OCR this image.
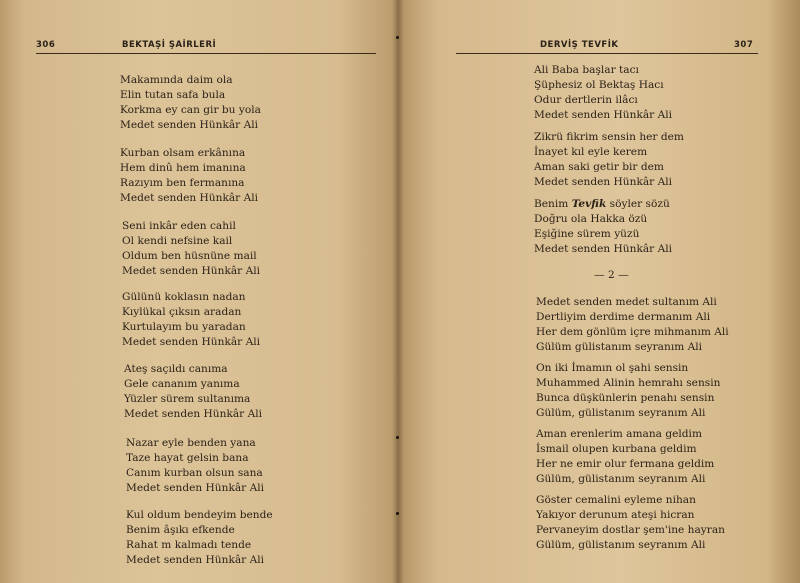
306	BEKTAŞİ ŞAİRLERİ
Makamında daim ola
Elin tutan safa bula
Korkma ey can gir bu yola
Medet senden Hünkâr Ali
Kurban olsam erkânına
Hem dinû hem imanına
Razıyım ben fermanına
Medet senden Hünkâr Ali
Seni inkâr eden cahil
Ol kendi nefsine kail
Oldum ben hüsnüne mail
Medet senden Hünkâr Ali
Gülünü koklasın nadan
Kıylükal çıksın aradan
Kurtulayım bu yaradan
Medet senden Hünkâr Ali
Ateş saçıldı canıma
Gele cananım yanıma
Yüzler sürem sultanıma
Medet senden Hünkâr Ali
Nazar eyle benden yana
Taze hayat gelsin bana
Canım kurban olsun sana
Medet senden Hünkâr Ali
Kul oldum bendeyim bende
Benim âşıkı efkende
Rahat m kalmadı tende
Medet senden Hünkâr Ali
DERVİŞ TEVFİK	307
Ali Baba başlar tacı
Şüphesiz ol Bektaş Hacı
Odur dertlerin ilâcı
Medet senden Hünkâr Ali
Zikrü fikrim sensin her dem
İnayet kıl eyle kerem
Aman saki getir bir dem
Medet senden Hünkâr Ali
Benim Tevfik söyler sözü
Doğru ola Hakka özü
Eşiğine sürem yüzü
Medet senden Hünkâr Ali
— 2 —
Medet senden medet sultanım Ali
Dertliyim derdime dermanım Ali
Her dem gönlüm içre mihmanım Ali
Gülüm gülistanım seyranım Ali
On iki İmamın ol şahi sensin
Muhammed Alinin hemrahı sensin
Bunca düşkünlerin penahı sensin
Gülüm, gülistanım seyranım Ali
Aman erenlerim amana geldim
İsmail olupen kurbana geldim
Her ne emir olur fermana geldim
Gülüm, gülistanım seyranım Ali
Göster cemalini eyleme nihan
Yakıyor derunum ateşi hicran
Pervaneyim dostlar şem'ine hayran
Gülüm, gülistanım seyranım Ali
